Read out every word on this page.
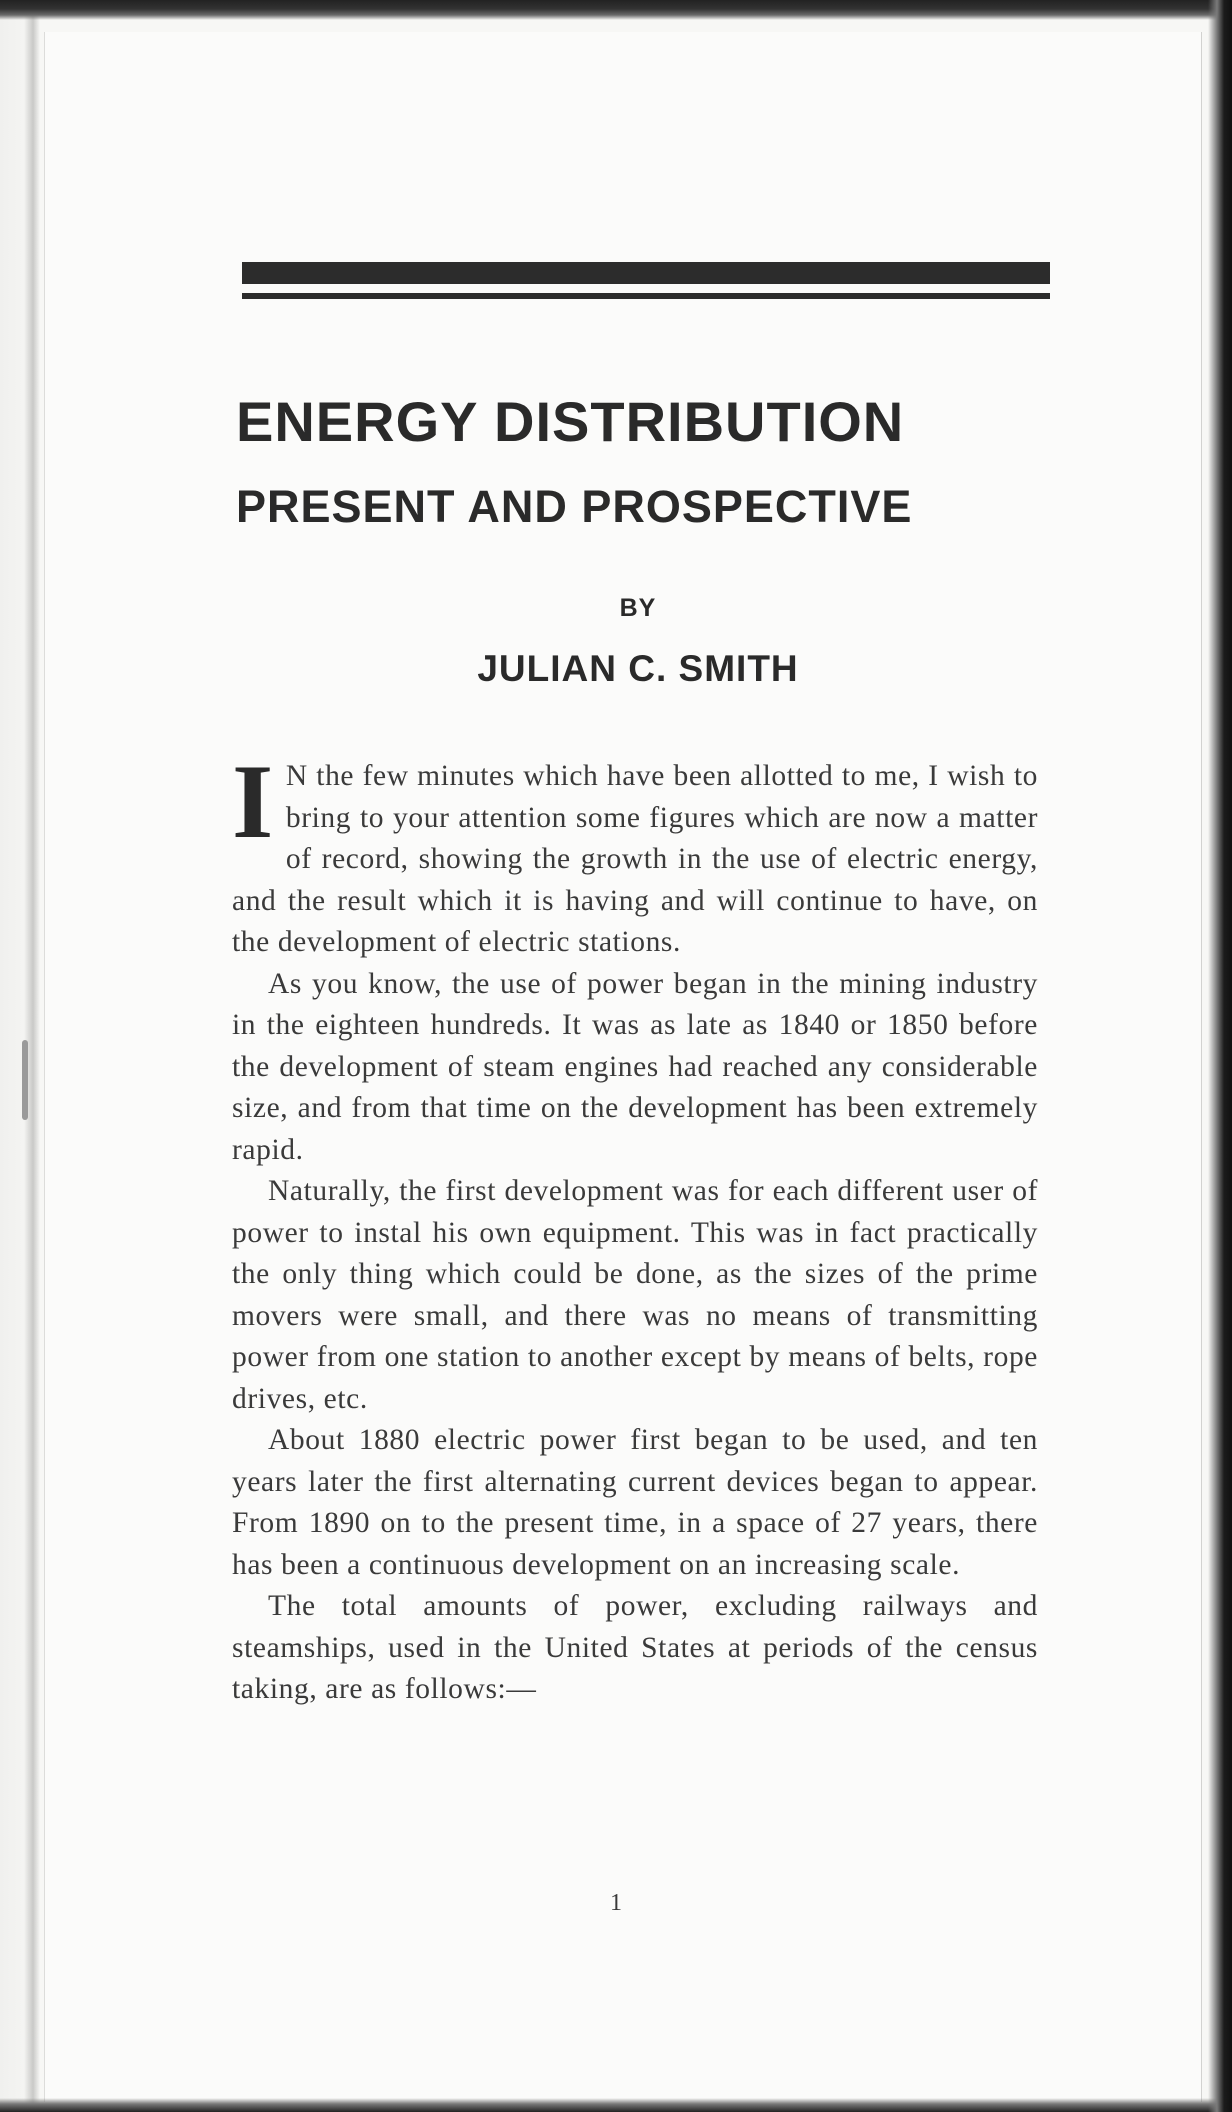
ENERGY DISTRIBUTION
PRESENT AND PROSPECTIVE
BY
JULIAN C. SMITH

I N the few minutes which have been allotted to me, I wish to bring to your attention some figures which are now a matter of record, showing the growth in the use of electric energy, and the result which it is having and will continue to have, on the development of electric stations.

As you know, the use of power began in the mining industry in the eighteen hundreds. It was as late as 1840 or 1850 before the development of steam engines had reached any considerable size, and from that time on the development has been extremely rapid.

Naturally, the first development was for each different user of power to instal his own equipment. This was in fact practically the only thing which could be done, as the sizes of the prime movers were small, and there was no means of transmitting power from one station to another except by means of belts, rope drives, etc.

About 1880 electric power first began to be used, and ten years later the first alternating current devices began to appear. From 1890 on to the present time, in a space of 27 years, there has been a continuous development on an increasing scale.

The total amounts of power, excluding railways and steamships, used in the United States at periods of the census taking, are as follows:—

1
